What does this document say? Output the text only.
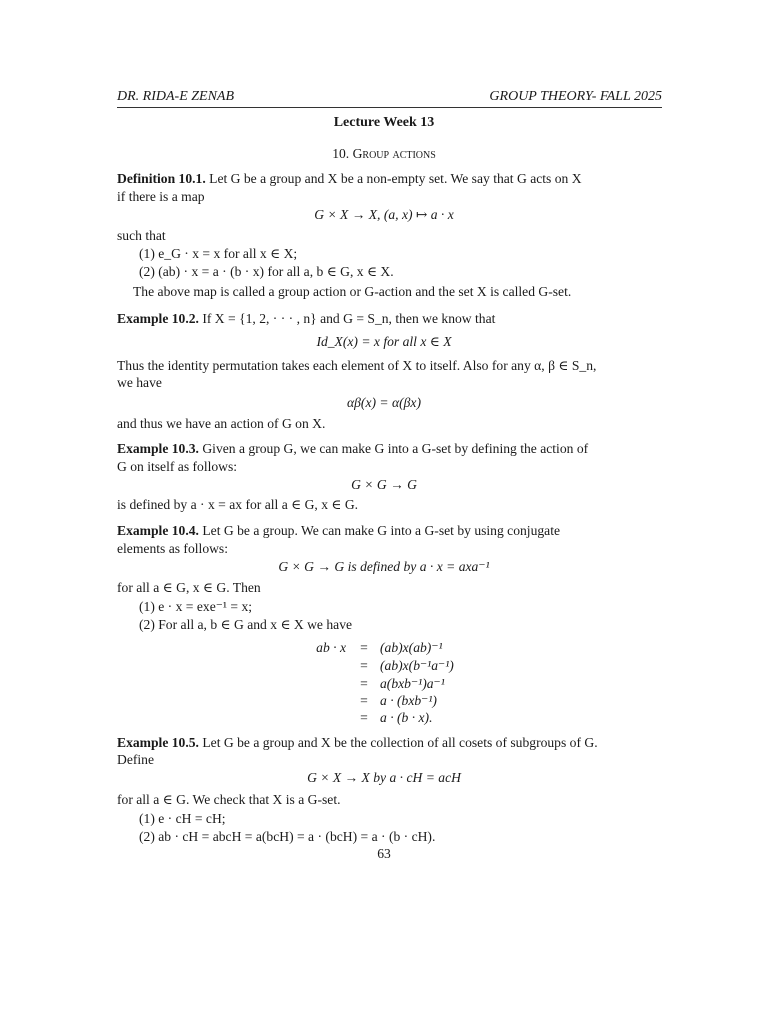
DR. RIDA-E ZENAB	GROUP THEORY- FALL 2025
Lecture Week 13
10. Group actions
Definition 10.1. Let G be a group and X be a non-empty set. We say that G acts on X
if there is a map
G × X → X, (a, x) ↦ a · x
such that
(1) e_G · x = x for all x ∈ X;
(2) (ab) · x = a · (b · x) for all a, b ∈ G, x ∈ X.
The above map is called a group action or G-action and the set X is called G-set.
Example 10.2. If X = {1, 2, · · · , n} and G = S_n, then we know that
Id_X(x) = x for all x ∈ X
Thus the identity permutation takes each element of X to itself. Also for any α, β ∈ S_n,
we have
αβ(x) = α(βx)
and thus we have an action of G on X.
Example 10.3. Given a group G, we can make G into a G-set by defining the action of
G on itself as follows:
G × G → G
is defined by a · x = ax for all a ∈ G, x ∈ G.
Example 10.4. Let G be a group. We can make G into a G-set by using conjugate
elements as follows:
G × G → G is defined by a · x = axa⁻¹
for all a ∈ G, x ∈ G. Then
(1) e · x = exe⁻¹ = x;
(2) For all a, b ∈ G and x ∈ X we have
ab · x =
=
=
=
=
(ab)x(ab)⁻¹
(ab)x(b⁻¹a⁻¹)
a(bxb⁻¹)a⁻¹
a · (bxb⁻¹)
a · (b · x).
Example 10.5. Let G be a group and X be the collection of all cosets of subgroups of G.
Define
G × X → X by a · cH = acH
for all a ∈ G. We check that X is a G-set.
(1) e · cH = cH;
(2) ab · cH = abcH = a(bcH) = a · (bcH) = a · (b · cH).
63
